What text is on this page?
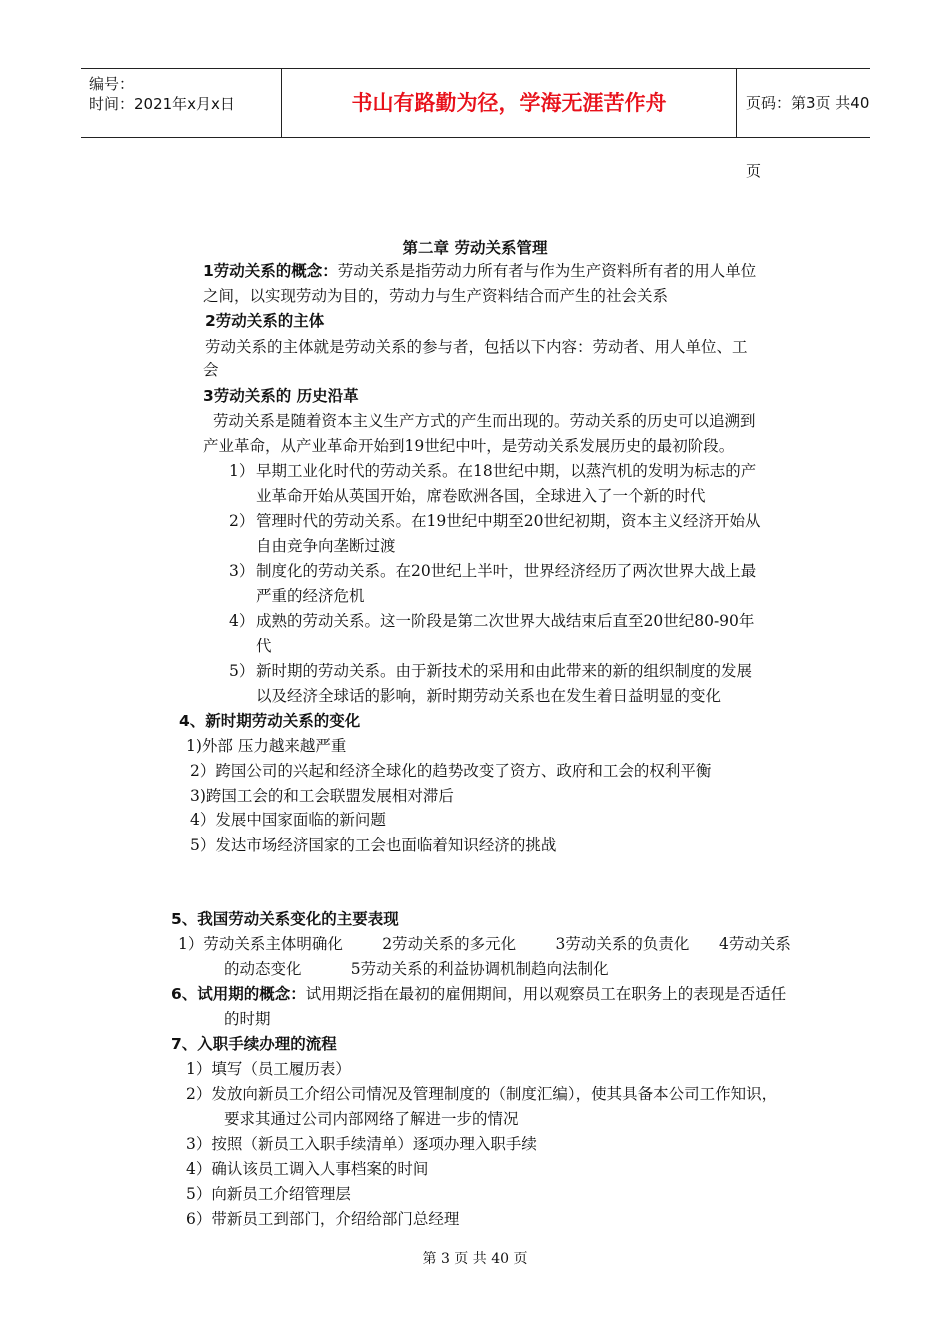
编号：
时间：2021年x月x日	书山有路勤为径，学海无涯苦作舟	页码：第3页 共40页
第二章 劳动关系管理
1劳动关系的概念：劳动关系是指劳动力所有者与作为生产资料所有者的用人单位
之间，以实现劳动为目的，劳动力与生产资料结合而产生的社会关系
2劳动关系的主体
劳动关系的主体就是劳动关系的参与者，包括以下内容：劳动者、用人单位、工
会
3劳动关系的 历史沿革
劳动关系是随着资本主义生产方式的产生而出现的。劳动关系的历史可以追溯到
产业革命，从产业革命开始到19世纪中叶，是劳动关系发展历史的最初阶段。
1） 早期工业化时代的劳动关系。在18世纪中期，以蒸汽机的发明为标志的产
业革命开始从英国开始，席卷欧洲各国，全球进入了一个新的时代
2） 管理时代的劳动关系。在19世纪中期至20世纪初期，资本主义经济开始从
自由竞争向垄断过渡
3） 制度化的劳动关系。在20世纪上半叶，世界经济经历了两次世界大战上最
严重的经济危机
4） 成熟的劳动关系。这一阶段是第二次世界大战结束后直至20世纪80-90年
代
5） 新时期的劳动关系。由于新技术的采用和由此带来的新的组织制度的发展
以及经济全球话的影响，新时期劳动关系也在发生着日益明显的变化
4、新时期劳动关系的变化
1)外部 压力越来越严重
2）跨国公司的兴起和经济全球化的趋势改变了资方、政府和工会的权利平衡
3)跨国工会的和工会联盟发展相对滞后
4）发展中国家面临的新问题
5）发达市场经济国家的工会也面临着知识经济的挑战
5、我国劳动关系变化的主要表现
1）劳动关系主体明确化        2劳动关系的多元化        3劳动关系的负责化      4劳动关系
的动态变化          5劳动关系的利益协调机制趋向法制化
6、试用期的概念：试用期泛指在最初的雇佣期间，用以观察员工在职务上的表现是否适任
的时期
7、入职手续办理的流程
1）填写（员工履历表）
2）发放向新员工介绍公司情况及管理制度的（制度汇编），使其具备本公司工作知识，
要求其通过公司内部网络了解进一步的情况
3）按照（新员工入职手续清单）逐项办理入职手续
4）确认该员工调入人事档案的时间
5）向新员工介绍管理层
6）带新员工到部门，介绍给部门总经理
第 3 页 共 40 页
